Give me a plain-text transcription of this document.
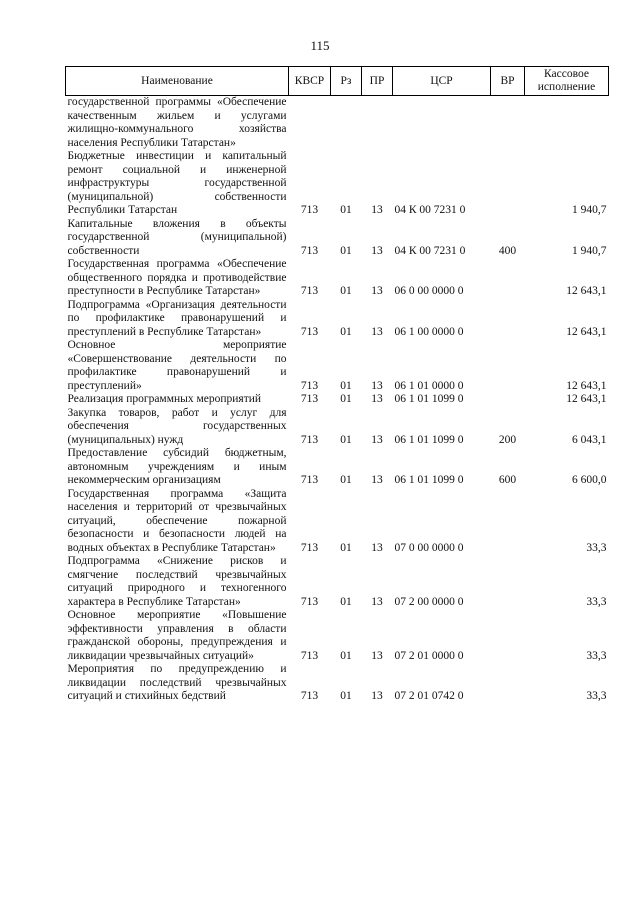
115
Наименование	КВСР	Рз	ПР	ЦСР	ВР	Кассовое исполнение
государственной программы «Обеспечение качественным жильем и услугами жилищно-коммунального хозяйства населения Республики Татарстан»						
Бюджетные инвестиции и капитальный ремонт социальной и инженерной инфраструктуры государственной (муниципальной) собственности Республики Татарстан	713	01	13	04 К 00 7231 0		1 940,7
Капитальные вложения в объекты государственной (муниципальной) собственности	713	01	13	04 К 00 7231 0	400	1 940,7
Государственная программа «Обеспечение общественного порядка и противодействие преступности в Республике Татарстан»	713	01	13	06 0 00 0000 0		12 643,1
Подпрограмма «Организация деятельности по профилактике правонарушений и преступлений в Республике Татарстан»	713	01	13	06 1 00 0000 0		12 643,1
Основное мероприятие «Совершенствование деятельности по профилактике правонарушений и преступлений»	713	01	13	06 1 01 0000 0		12 643,1
Реализация программных мероприятий	713	01	13	06 1 01 1099 0		12 643,1
Закупка товаров, работ и услуг для обеспечения государственных (муниципальных) нужд	713	01	13	06 1 01 1099 0	200	6 043,1
Предоставление субсидий бюджетным, автономным учреждениям и иным некоммерческим организациям	713	01	13	06 1 01 1099 0	600	6 600,0
Государственная программа «Защита населения и территорий от чрезвычайных ситуаций, обеспечение пожарной безопасности и безопасности людей на водных объектах в Республике Татарстан»	713	01	13	07 0 00 0000 0		33,3
Подпрограмма «Снижение рисков и смягчение последствий чрезвычайных ситуаций природного и техногенного характера в Республике Татарстан»	713	01	13	07 2 00 0000 0		33,3
Основное мероприятие «Повышение эффективности управления в области гражданской обороны, предупреждения и ликвидации чрезвычайных ситуаций»	713	01	13	07 2 01 0000 0		33,3
Мероприятия по предупреждению и ликвидации последствий чрезвычайных ситуаций и стихийных бедствий	713	01	13	07 2 01 0742 0		33,3
